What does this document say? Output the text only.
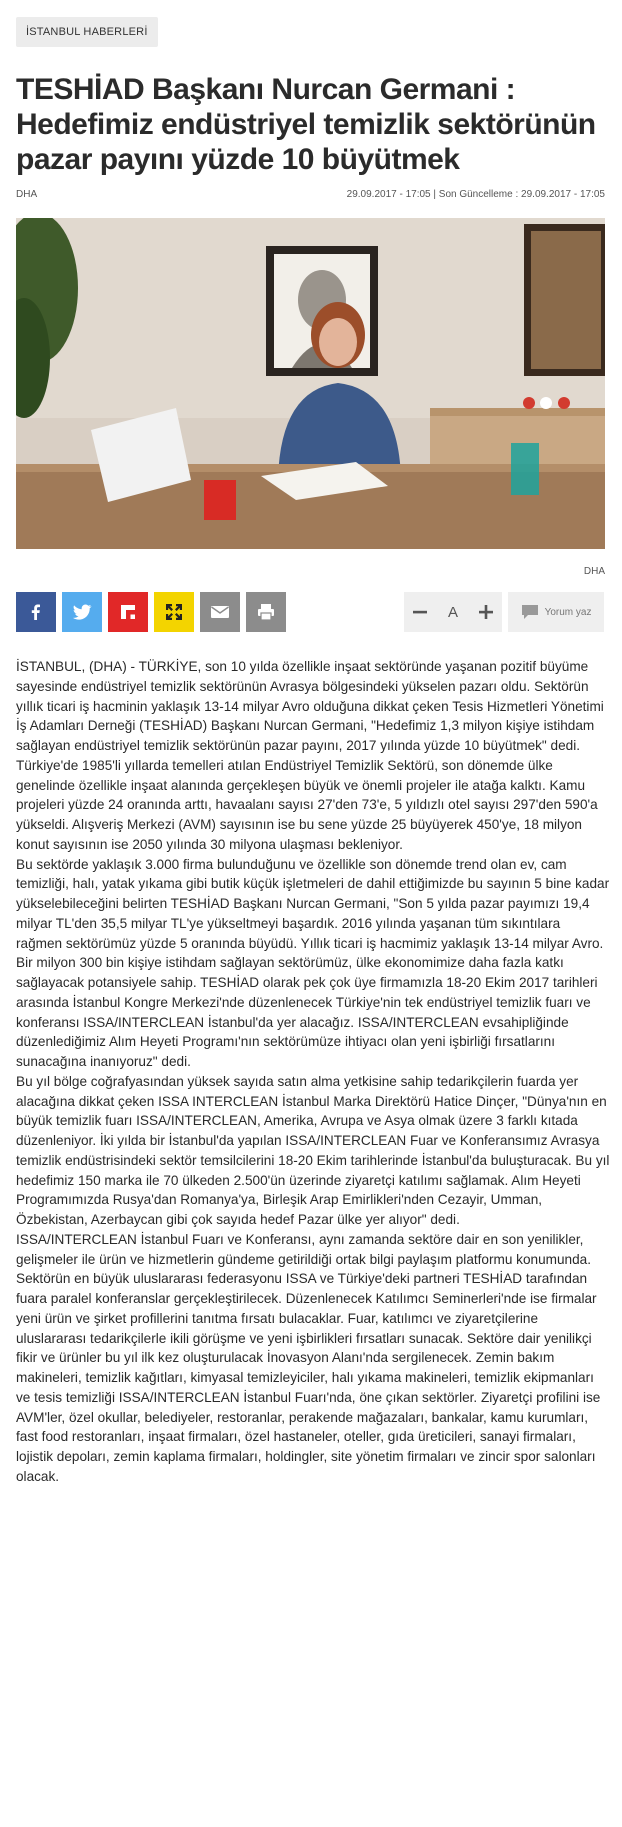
İSTANBUL HABERLERİ
TESHİAD Başkanı Nurcan Germani : Hedefimiz endüstriyel temizlik sektörünün pazar payını yüzde 10 büyütmek
DHA	29.09.2017 - 17:05 | Son Güncelleme : 29.09.2017 - 17:05
DHA
A	Yorum yaz

İSTANBUL, (DHA) - TÜRKİYE, son 10 yılda özellikle inşaat sektöründe yaşanan pozitif büyüme sayesinde endüstriyel temizlik sektörünün Avrasya bölgesindeki yükselen pazarı oldu. Sektörün yıllık ticari iş hacminin yaklaşık 13-14 milyar Avro olduğuna dikkat çeken Tesis Hizmetleri Yönetimi İş Adamları Derneği (TESHİAD) Başkanı Nurcan Germani, "Hedefimiz 1,3 milyon kişiye istihdam sağlayan endüstriyel temizlik sektörünün pazar payını, 2017 yılında yüzde 10 büyütmek" dedi.

Türkiye'de 1985'li yıllarda temelleri atılan Endüstriyel Temizlik Sektörü, son dönemde ülke genelinde özellikle inşaat alanında gerçekleşen büyük ve önemli projeler ile atağa kalktı. Kamu projeleri yüzde 24 oranında arttı, havaalanı sayısı 27'den 73'e, 5 yıldızlı otel sayısı 297'den 590'a yükseldi. Alışveriş Merkezi (AVM) sayısının ise bu sene yüzde 25 büyüyerek 450'ye, 18 milyon konut sayısının ise 2050 yılında 30 milyona ulaşması bekleniyor.

Bu sektörde yaklaşık 3.000 firma bulunduğunu ve özellikle son dönemde trend olan ev, cam temizliği, halı, yatak yıkama gibi butik küçük işletmeleri de dahil ettiğimizde bu sayının 5 bine kadar yükselebileceğini belirten TESHİAD Başkanı Nurcan Germani, "Son 5 yılda pazar payımızı 19,4 milyar TL'den 35,5 milyar TL'ye yükseltmeyi başardık. 2016 yılında yaşanan tüm sıkıntılara rağmen sektörümüz yüzde 5 oranında büyüdü. Yıllık ticari iş hacmimiz yaklaşık 13-14 milyar Avro. Bir milyon 300 bin kişiye istihdam sağlayan sektörümüz, ülke ekonomimize daha fazla katkı sağlayacak potansiyele sahip. TESHİAD olarak pek çok üye firmamızla 18-20 Ekim 2017 tarihleri arasında İstanbul Kongre Merkezi'nde düzenlenecek Türkiye'nin tek endüstriyel temizlik fuarı ve konferansı ISSA/INTERCLEAN İstanbul'da yer alacağız. ISSA/INTERCLEAN evsahipliğinde düzenlediğimiz Alım Heyeti Programı'nın sektörümüze ihtiyacı olan yeni işbirliği fırsatlarını sunacağına inanıyoruz" dedi.

Bu yıl bölge coğrafyasından yüksek sayıda satın alma yetkisine sahip tedarikçilerin fuarda yer alacağına dikkat çeken ISSA INTERCLEAN İstanbul Marka Direktörü Hatice Dinçer, "Dünya'nın en büyük temizlik fuarı ISSA/INTERCLEAN, Amerika, Avrupa ve Asya olmak üzere 3 farklı kıtada düzenleniyor. İki yılda bir İstanbul'da yapılan ISSA/INTERCLEAN Fuar ve Konferansımız Avrasya temizlik endüstrisindeki sektör temsilcilerini 18-20 Ekim tarihlerinde İstanbul'da buluşturacak. Bu yıl hedefimiz 150 marka ile 70 ülkeden 2.500'ün üzerinde ziyaretçi katılımı sağlamak. Alım Heyeti Programımızda Rusya'dan Romanya'ya, Birleşik Arap Emirlikleri'nden Cezayir, Umman, Özbekistan, Azerbaycan gibi çok sayıda hedef Pazar ülke yer alıyor" dedi.

ISSA/INTERCLEAN İstanbul Fuarı ve Konferansı, aynı zamanda sektöre dair en son yenilikler, gelişmeler ile ürün ve hizmetlerin gündeme getirildiği ortak bilgi paylaşım platformu konumunda. Sektörün en büyük uluslararası federasyonu ISSA ve Türkiye'deki partneri TESHİAD tarafından fuara paralel konferanslar gerçekleştirilecek. Düzenlenecek Katılımcı Seminerleri'nde ise firmalar yeni ürün ve şirket profillerini tanıtma fırsatı bulacaklar. Fuar, katılımcı ve ziyaretçilerine uluslararası tedarikçilerle ikili görüşme ve yeni işbirlikleri fırsatları sunacak. Sektöre dair yenilikçi fikir ve ürünler bu yıl ilk kez oluşturulacak İnovasyon Alanı'nda sergilenecek. Zemin bakım makineleri, temizlik kağıtları, kimyasal temizleyiciler, halı yıkama makineleri, temizlik ekipmanları ve tesis temizliği ISSA/INTERCLEAN İstanbul Fuarı'nda, öne çıkan sektörler. Ziyaretçi profilini ise AVM'ler, özel okullar, belediyeler, restoranlar, perakende mağazaları, bankalar, kamu kurumları, fast food restoranları, inşaat firmaları, özel hastaneler, oteller, gıda üreticileri, sanayi firmaları, lojistik depoları, zemin kaplama firmaları, holdingler, site yönetim firmaları ve zincir spor salonları olacak.
